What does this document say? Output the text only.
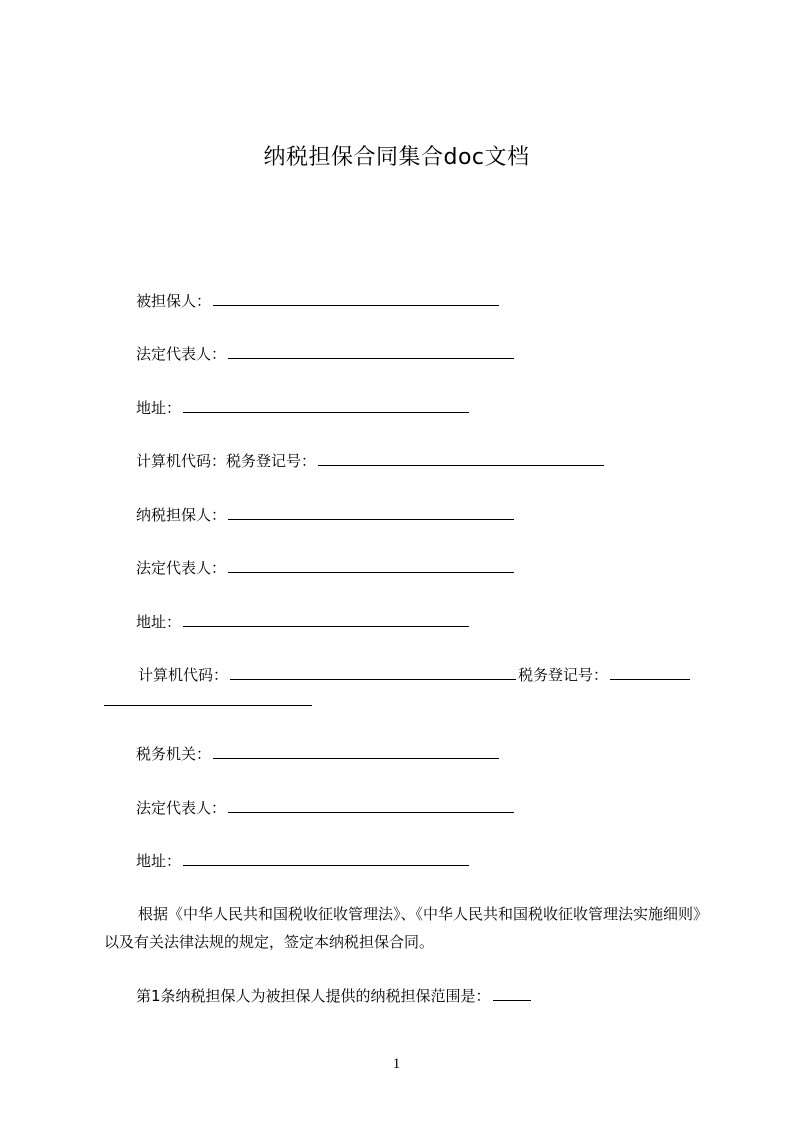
纳税担保合同集合doc文档
被担保人：
法定代表人：
地址：
计算机代码：税务登记号：
纳税担保人：
法定代表人：
地址：
计算机代码：	税务登记号：
税务机关：
法定代表人：
地址：
根据《中华人民共和国税收征收管理法》、《中华人民共和国税收征收管理法实施细则》以及有关法律法规的规定，签定本纳税担保合同。
第1条纳税担保人为被担保人提供的纳税担保范围是：
1
